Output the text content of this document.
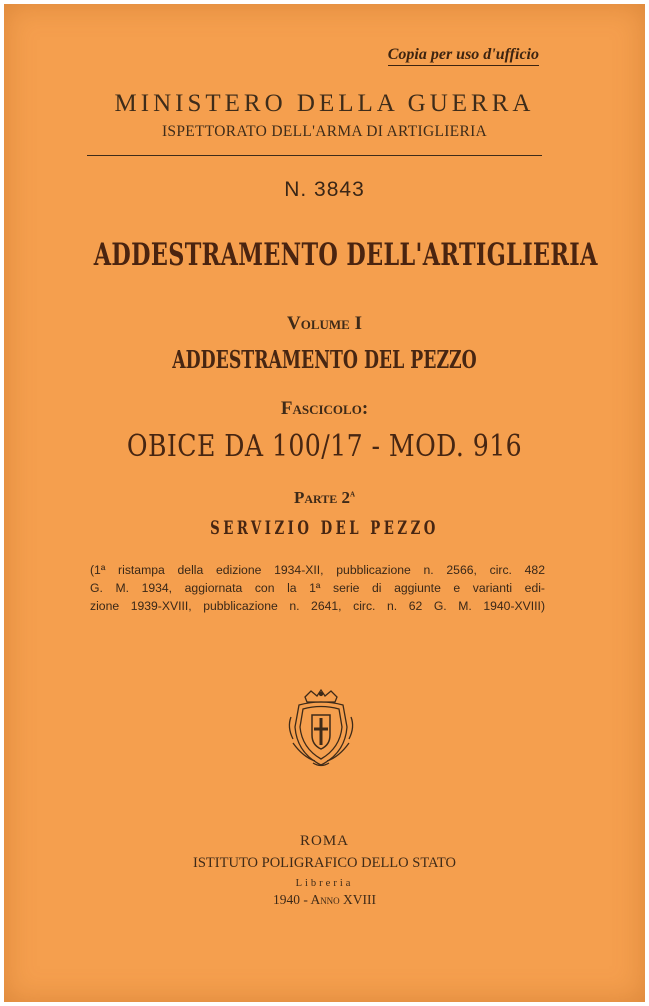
Copia per uso d'ufficio
MINISTERO DELLA GUERRA
ISPETTORATO DELL'ARMA DI ARTIGLIERIA
N. 3843
ADDESTRAMENTO DELL'ARTIGLIERIA
Volume I
ADDESTRAMENTO DEL PEZZO
Fascicolo:
OBICE DA 100/17 - MOD. 916
Parte 2$^a$
SERVIZIO DEL PEZZO
(1ª ristampa della edizione 1934-XII, pubblicazione n. 2566, circ. 482
G. M. 1934, aggiornata con la 1ª serie di aggiunte e varianti edi-
zione 1939-XVIII, pubblicazione n. 2641, circ. n. 62 G. M. 1940-XVIII)
ROMA
ISTITUTO POLIGRAFICO DELLO STATO
Libreria
1940 - Anno XVIII
